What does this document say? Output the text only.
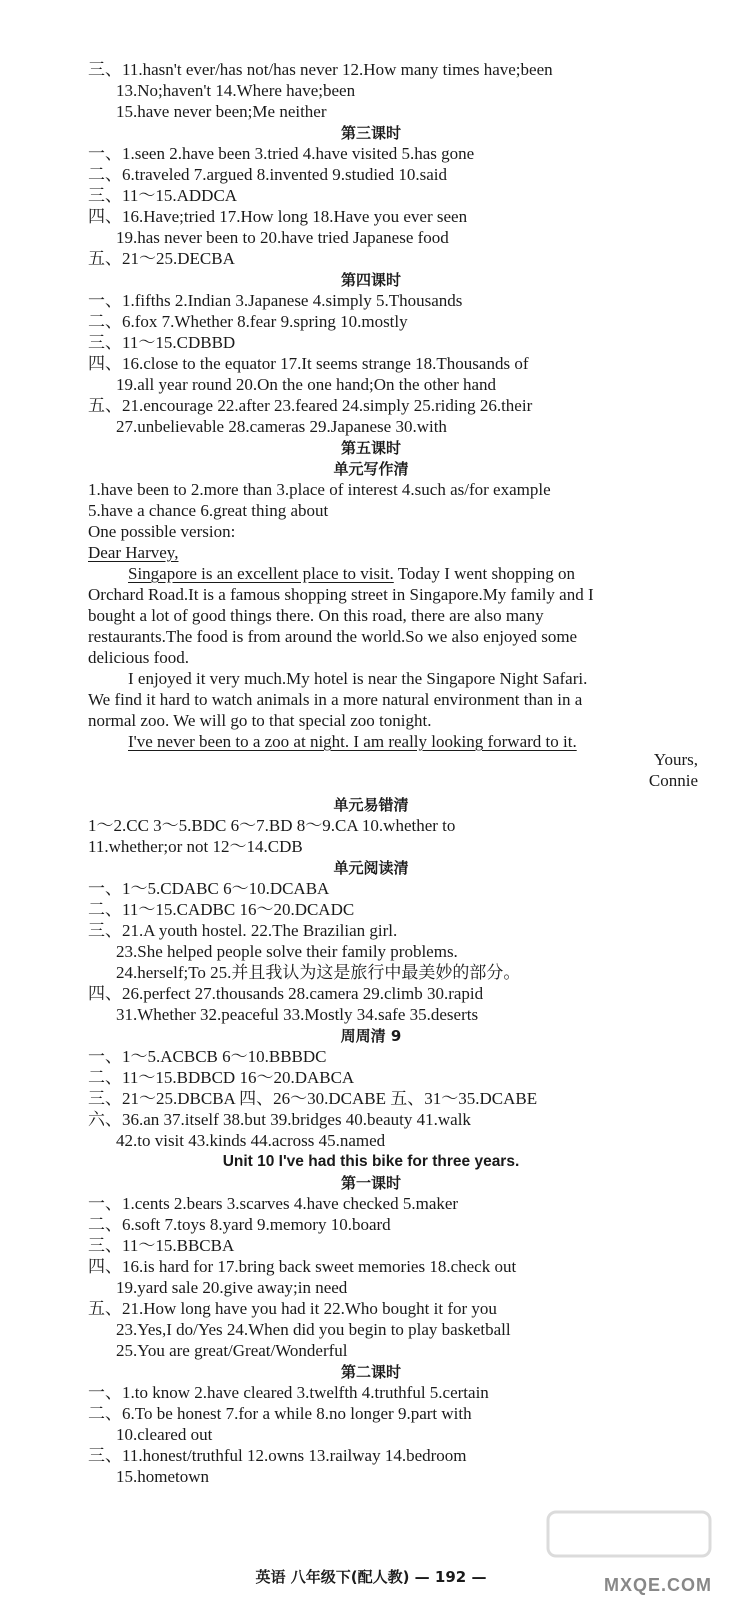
三、11.hasn't ever/has not/has never 12.How many times have;been
13.No;haven't 14.Where have;been
15.have never been;Me neither
第三课时
一、1.seen 2.have been 3.tried 4.have visited 5.has gone
二、6.traveled 7.argued 8.invented 9.studied 10.said
三、11～15.ADDCA
四、16.Have;tried 17.How long 18.Have you ever seen
19.has never been to 20.have tried Japanese food
五、21～25.DECBA
第四课时
一、1.fifths 2.Indian 3.Japanese 4.simply 5.Thousands
二、6.fox 7.Whether 8.fear 9.spring 10.mostly
三、11～15.CDBBD
四、16.close to the equator 17.It seems strange 18.Thousands of
19.all year round 20.On the one hand;On the other hand
五、21.encourage 22.after 23.feared 24.simply 25.riding 26.their
27.unbelievable 28.cameras 29.Japanese 30.with
第五课时
单元写作清
1.have been to 2.more than 3.place of interest 4.such as/for example
5.have a chance 6.great thing about
One possible version:
Dear Harvey,
Singapore is an excellent place to visit. Today I went shopping on
Orchard Road.It is a famous shopping street in Singapore.My family and I
bought a lot of good things there. On this road, there are also many
restaurants.The food is from around the world.So we also enjoyed some
delicious food.
I enjoyed it very much.My hotel is near the Singapore Night Safari.
We find it hard to watch animals in a more natural environment than in a
normal zoo. We will go to that special zoo tonight.
I've never been to a zoo at night. I am really looking forward to it.
Yours,
Connie
单元易错清
1～2.CC 3～5.BDC 6～7.BD 8～9.CA 10.whether to
11.whether;or not 12～14.CDB
单元阅读清
一、1～5.CDABC 6～10.DCABA
二、11～15.CADBC 16～20.DCADC
三、21.A youth hostel. 22.The Brazilian girl.
23.She helped people solve their family problems.
24.herself;To 25.并且我认为这是旅行中最美妙的部分。
四、26.perfect 27.thousands 28.camera 29.climb 30.rapid
31.Whether 32.peaceful 33.Mostly 34.safe 35.deserts
周周清 9
一、1～5.ACBCB 6～10.BBBDC
二、11～15.BDBCD 16～20.DABCA
三、21～25.DBCBA 四、26～30.DCABE 五、31～35.DCABE
六、36.an 37.itself 38.but 39.bridges 40.beauty 41.walk
42.to visit 43.kinds 44.across 45.named
Unit 10 I've had this bike for three years.
第一课时
一、1.cents 2.bears 3.scarves 4.have checked 5.maker
二、6.soft 7.toys 8.yard 9.memory 10.board
三、11～15.BBCBA
四、16.is hard for 17.bring back sweet memories 18.check out
19.yard sale 20.give away;in need
五、21.How long have you had it 22.Who bought it for you
23.Yes,I do/Yes 24.When did you begin to play basketball
25.You are great/Great/Wonderful
第二课时
一、1.to know 2.have cleared 3.twelfth 4.truthful 5.certain
二、6.To be honest 7.for a while 8.no longer 9.part with
10.cleared out
三、11.honest/truthful 12.owns 13.railway 14.bedroom
15.hometown
英语 八年级下(配人教) — 192 —	MXQE.COM
